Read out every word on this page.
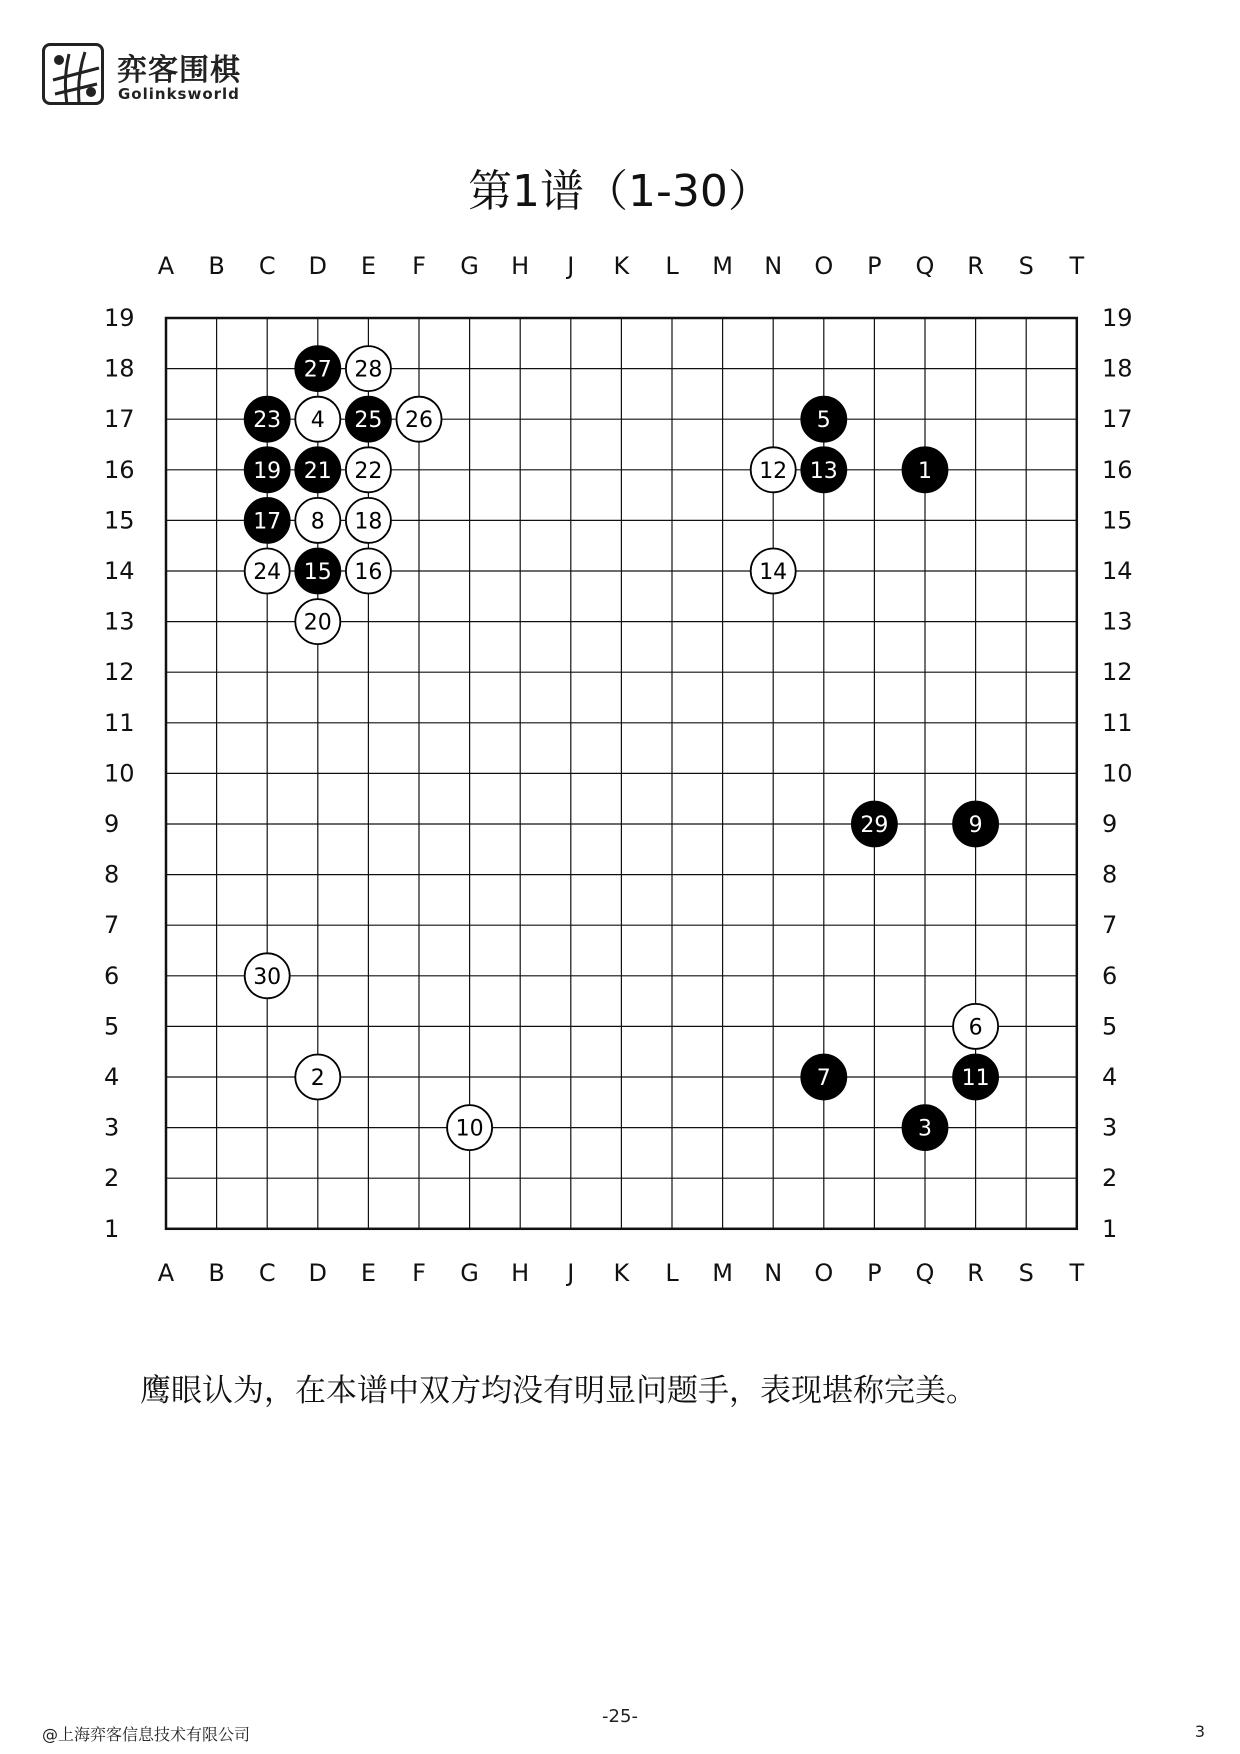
弈客围棋
Golinksworld
第1谱（1-30）
A
A
B
B
C
C
D
D
E
E
F
F
G
G
H
H
J
J
K
K
L
L
M
M
N
N
O
O
P
P
Q
Q
R
R
S
S
T
T
19	19
18	18
17	17
16	16
15	15
14	14
13	13
12	12
11	11
10	10
9	9
8	8
7	7
6	6
5	5
4	4
3	3
2	2
1	1
1
2
3
4	5
6
7
8
9
10
11
12 13
14
15 16
17	18
19
20
21 22
23
24
25 26
27 28
29
30
鹰眼认为，在本谱中双方均没有明显问题手，表现堪称完美。
@上海弈客信息技术有限公司
-25-
3
